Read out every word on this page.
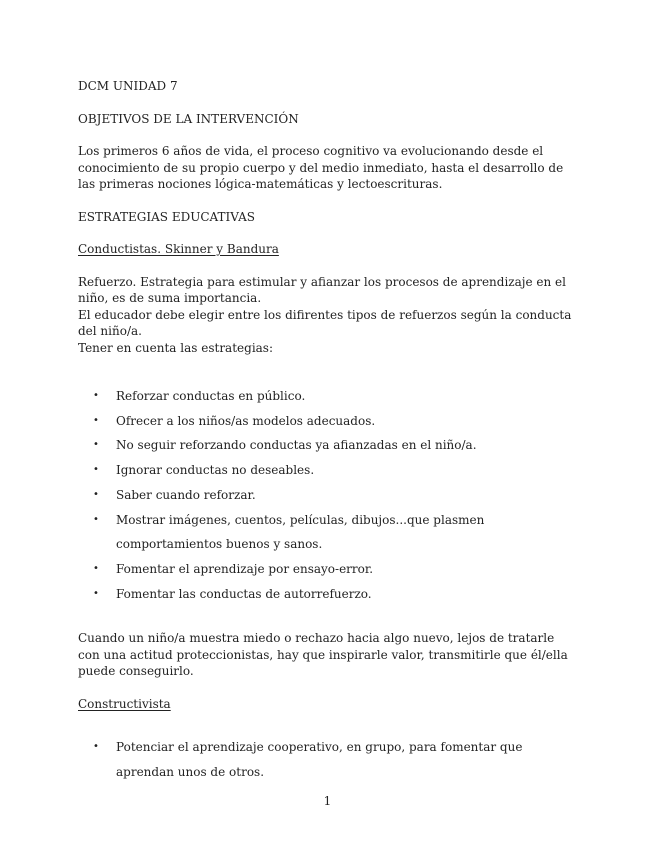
DCM UNIDAD 7

OBJETIVOS DE LA INTERVENCIÓN

Los primeros 6 años de vida, el proceso cognitivo va evolucionando desde el conocimiento de su propio cuerpo y del medio inmediato, hasta el desarrollo de las primeras nociones lógica-matemáticas y lectoescrituras.

ESTRATEGIAS EDUCATIVAS

Conductistas. Skinner y Bandura

Refuerzo. Estrategia para estimular y afianzar los procesos de aprendizaje en el niño, es de suma importancia.

El educador debe elegir entre los difirentes tipos de refuerzos según la conducta del niño/a.

Tener en cuenta las estrategias:

• Reforzar conductas en público.
• Ofrecer a los niños/as modelos adecuados.
• No seguir reforzando conductas ya afianzadas en el niño/a.
• Ignorar conductas no deseables.
• Saber cuando reforzar.
• Mostrar imágenes, cuentos, películas, dibujos...que plasmen comportamientos buenos y sanos.
• Fomentar el aprendizaje por ensayo-error.
• Fomentar las conductas de autorrefuerzo.

Cuando un niño/a muestra miedo o rechazo hacia algo nuevo, lejos de tratarle con una actitud proteccionistas, hay que inspirarle valor, transmitirle que él/ella puede conseguirlo.

Constructivista

• Potenciar el aprendizaje cooperativo, en grupo, para fomentar que aprendan unos de otros.
1
